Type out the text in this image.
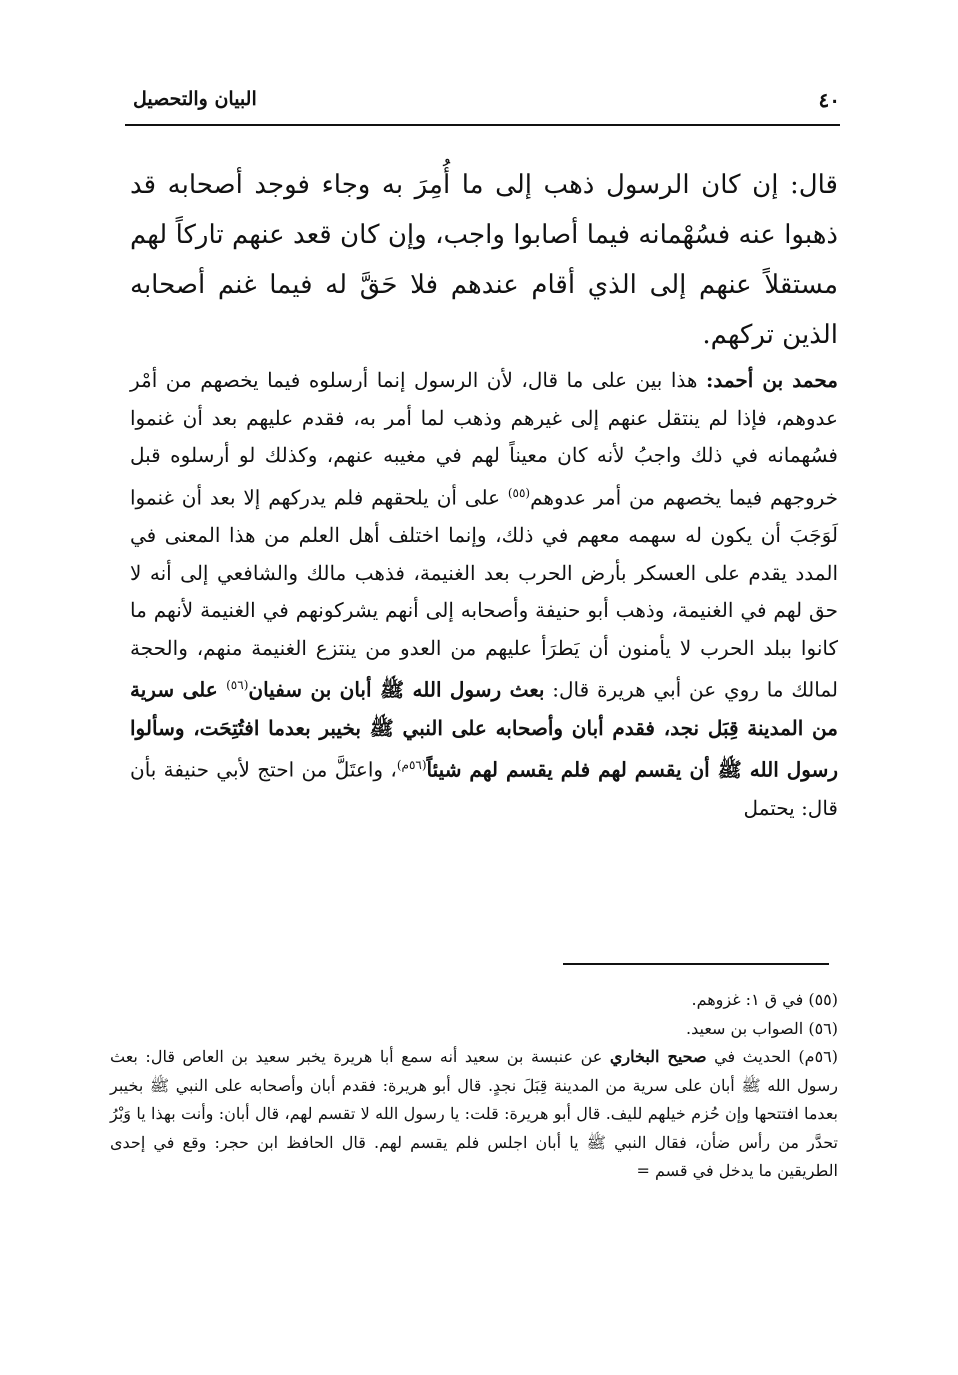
البيان والتحصيل	٤٠

قال: إن كان الرسول ذهب إلى ما أُمِرَ به وجاء فوجد أصحابه قد ذهبوا عنه فسُهْمانه فيما أصابوا واجب، وإن كان قعد عنهم تاركاً لهم مستقلاً عنهم إلى الذي أقام عندهم فلا حَقَّ له فيما غنم أصحابه الذين تركهم.

محمد بن أحمد: هذا بين على ما قال، لأن الرسول إنما أرسلوه فيما يخصهم من أمْر عدوهم، فإذا لم ينتقل عنهم إلى غيرهم وذهب لما أمر به، فقدم عليهم بعد أن غنموا فسُهمانه في ذلك واجبُ لأنه كان معيناً لهم في مغيبه عنهم، وكذلك لو أرسلوه قبل خروجهم فيما يخصهم من أمر عدوهم$^{(٥٥)}$ على أن يلحقهم فلم يدركهم إلا بعد أن غنموا لَوَجَبَ أن يكون له سهمه معهم في ذلك، وإنما اختلف أهل العلم من هذا المعنى في المدد يقدم على العسكر بأرض الحرب بعد الغنيمة، فذهب مالك والشافعي إلى أنه لا حق لهم في الغنيمة، وذهب أبو حنيفة وأصحابه إلى أنهم يشركونهم في الغنيمة لأنهم ما كانوا ببلد الحرب لا يأمنون أن يَطرَأ عليهم من العدو من ينتزع الغنيمة منهم، والحجة لمالك ما روي عن أبي هريرة قال: بعث رسول الله ﷺ أبان بن سفيان$^{(٥٦)}$ على سرية من المدينة قِبَل نجد، فقدم أبان وأصحابه على النبي ﷺ بخيبر بعدما افتُتِحَت، وسألوا رسول الله ﷺ أن يقسم لهم فلم يقسم لهم شيئاً$^{(٥٦م)}$، واعتَلَّ من احتج لأبي حنيفة بأن قال: يحتمل

(٥٥) في ق ١: غزوهم.

(٥٦) الصواب بن سعيد.

(٥٦م) الحديث في صحيح البخاري عن عنبسة بن سعيد أنه سمع أبا هريرة يخبر سعيد بن العاص قال: بعث رسول الله ﷺ أبان على سرية من المدينة قِبَلَ نجدٍ. قال أبو هريرة: فقدم أبان وأصحابه على النبي ﷺ بخيبر بعدما افتتحها وإن حُزم خيلهم لليف. قال أبو هريرة: قلت: يا رسول الله لا تقسم لهم، قال أبان: وأنت بهذا يا وَبْرُ تحدَّر من رأس ضأن، فقال النبي ﷺ يا أبان اجلس فلم يقسم لهم. قال الحافظ ابن حجر: وقع في إحدى الطريقين ما يدخل في قسم =
